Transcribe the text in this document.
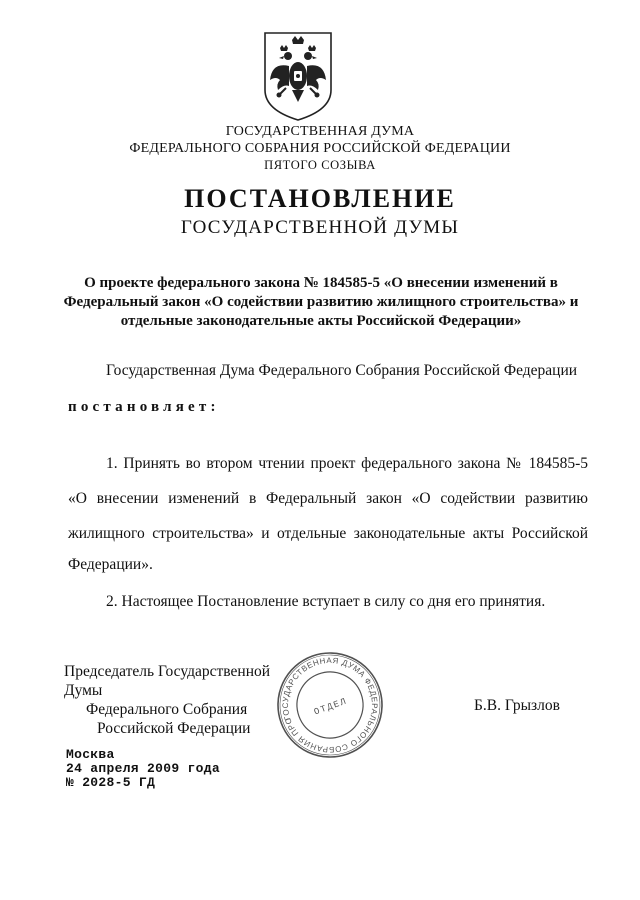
ГОСУДАРСТВЕННАЯ ДУМА
ФЕДЕРАЛЬНОГО СОБРАНИЯ РОССИЙСКОЙ ФЕДЕРАЦИИ
ПЯТОГО СОЗЫВА
ПОСТАНОВЛЕНИЕ
ГОСУДАРСТВЕННОЙ ДУМЫ
О проекте федерального закона № 184585-5 «О внесении изменений в
Федеральный закон «О содействии развитию жилищного строительства» и
отдельные законодательные акты Российской Федерации»
Государственная Дума Федерального Собрания Российской Федерации
постановляет:
1. Принять во втором чтении проект федерального закона № 184585-5
«О внесении изменений в Федеральный закон «О содействии развитию
жилищного строительства» и отдельные законодательные акты Российской
Федерации».
2. Настоящее Постановление вступает в силу со дня его принятия.
Председатель Государственной Думы
Федерального Собрания
Российской Федерации
ГОСУДАРСТВЕННАЯ ДУМА ФЕДЕРАЛЬНОГО СОБРАНИЯ ПРОТОКОЛЬНЫЙ
ОТДЕЛ	Б.В. Грызлов
Москва
24 апреля 2009 года
№ 2028-5 ГД
